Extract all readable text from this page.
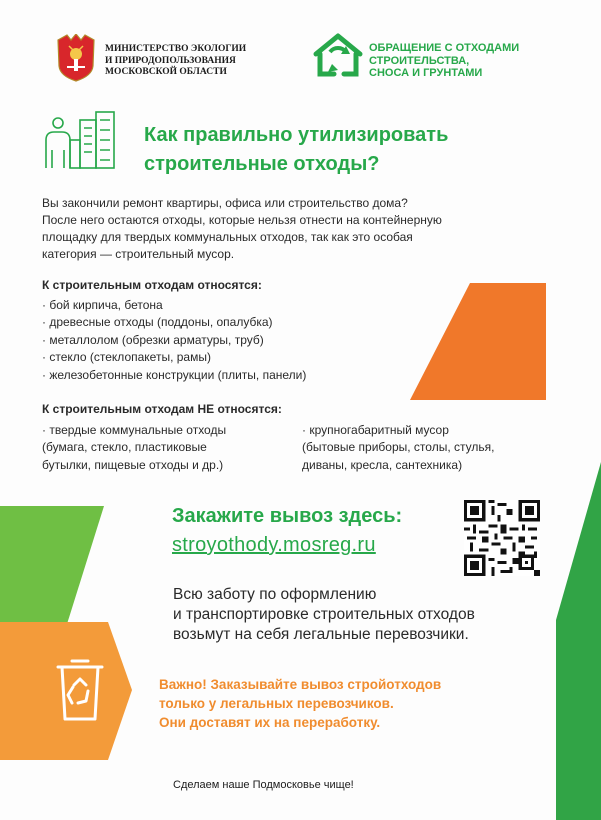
МИНИСТЕРСТВО ЭКОЛОГИИ
И ПРИРОДОПОЛЬЗОВАНИЯ
МОСКОВСКОЙ ОБЛАСТИ
ОБРАЩЕНИЕ С ОТХОДАМИ
СТРОИТЕЛЬСТВА,
СНОСА И ГРУНТАМИ
Как правильно утилизировать
строительные отходы?
Вы закончили ремонт квартиры, офиса или строительство дома?
После него остаются отходы, которые нельзя отнести на контейнерную
площадку для твердых коммунальных отходов, так как это особая
категория — строительный мусор.
К строительным отходам относятся:
· бой кирпича, бетона
· древесные отходы (поддоны, опалубка)
· металлолом (обрезки арматуры, труб)
· стекло (стеклопакеты, рамы)
· железобетонные конструкции (плиты, панели)
К строительным отходам НЕ относятся:
· твердые коммунальные отходы
(бумага, стекло, пластиковые
бутылки, пищевые отходы и др.)
· крупногабаритный мусор
(бытовые приборы, столы, стулья,
диваны, кресла, сантехника)
Закажите вывоз здесь:
stroyothody.mosreg.ru
Всю заботу по оформлению
и транспортировке строительных отходов
возьмут на себя легальные перевозчики.
Важно! Заказывайте вывоз стройотходов
только у легальных перевозчиков.
Они доставят их на переработку.
Сделаем наше Подмосковье чище!
